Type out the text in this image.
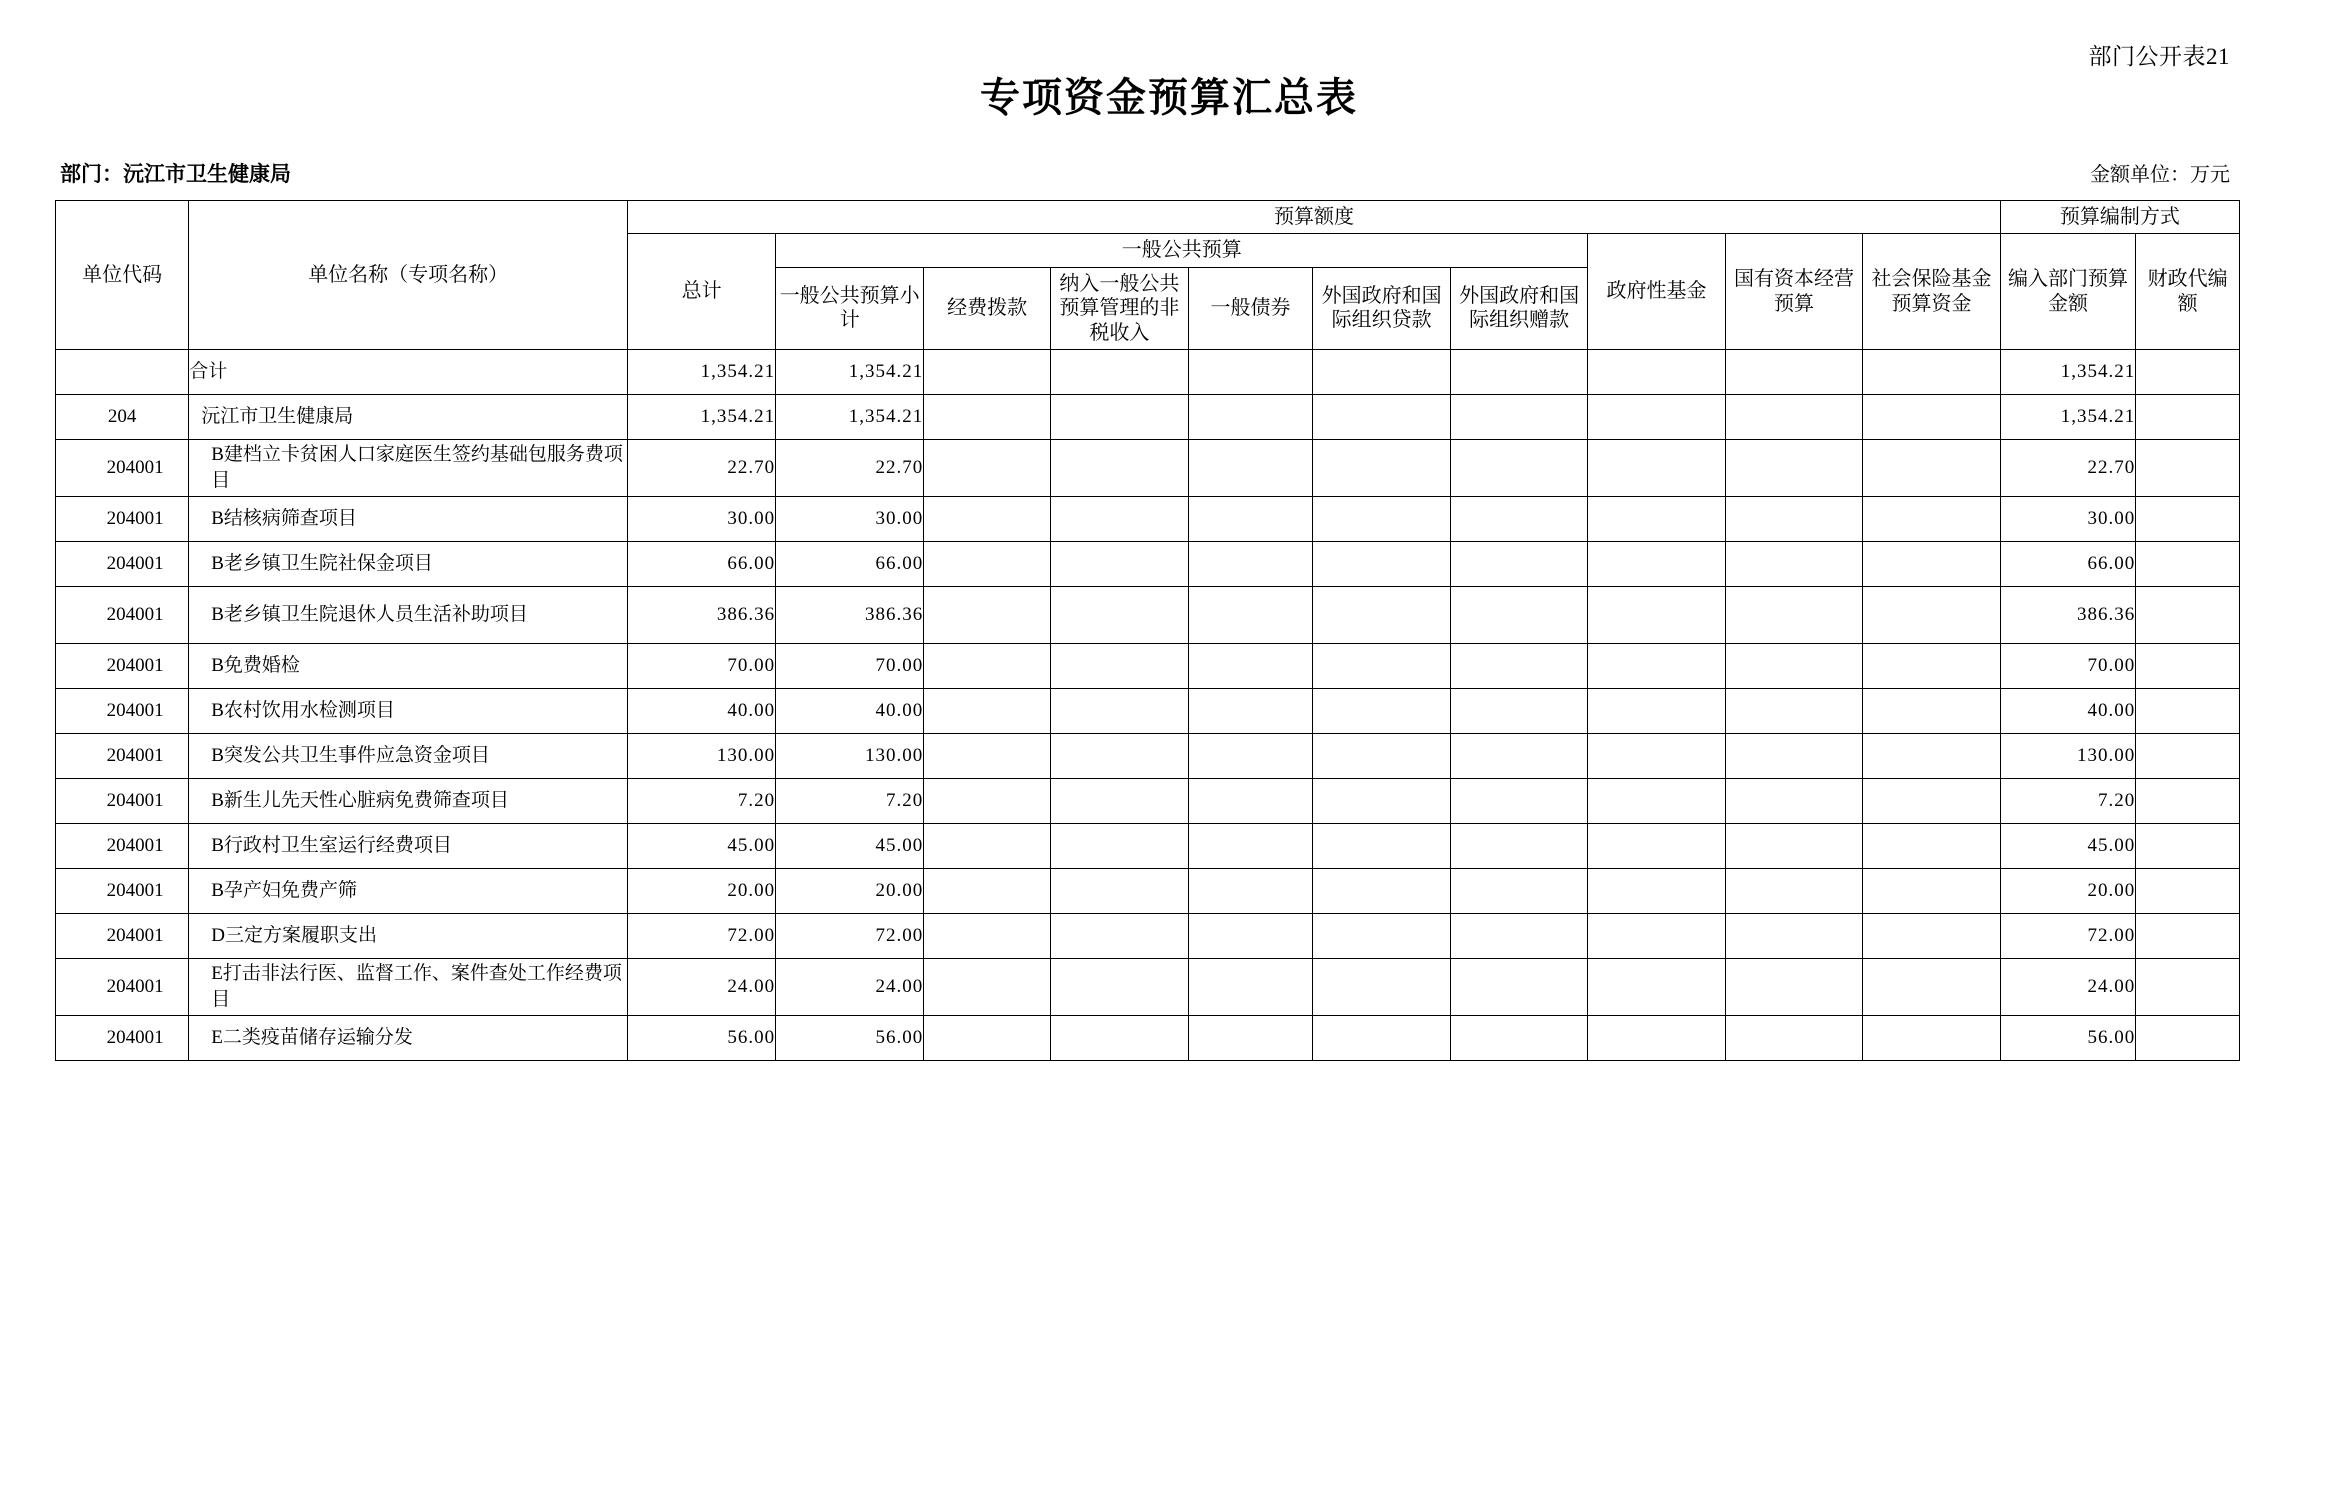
部门公开表21
专项资金预算汇总表
部门：沅江市卫生健康局	金额单位：万元
单位代码	单位名称（专项名称）	预算额度										预算编制方式	
		总计	一般公共预算						政府性基金	国有资本经营预算	社会保险基金预算资金	编入部门预算金额	财政代编额
			一般公共预算小计	经费拨款	纳入一般公共预算管理的非税收入	一般债券	外国政府和国际组织贷款	外国政府和国际组织赠款					
	合计	1,354.21	1,354.21									1,354.21	
204	沅江市卫生健康局	1,354.21	1,354.21									1,354.21	
204001	B建档立卡贫困人口家庭医生签约基础包服务费项目	22.70	22.70									22.70	
204001	B结核病筛查项目	30.00	30.00									30.00	
204001	B老乡镇卫生院社保金项目	66.00	66.00									66.00	
204001	B老乡镇卫生院退休人员生活补助项目	386.36	386.36									386.36	
204001	B免费婚检	70.00	70.00									70.00	
204001	B农村饮用水检测项目	40.00	40.00									40.00	
204001	B突发公共卫生事件应急资金项目	130.00	130.00									130.00	
204001	B新生儿先天性心脏病免费筛查项目	7.20	7.20									7.20	
204001	B行政村卫生室运行经费项目	45.00	45.00									45.00	
204001	B孕产妇免费产筛	20.00	20.00									20.00	
204001	D三定方案履职支出	72.00	72.00									72.00	
204001	E打击非法行医、监督工作、案件查处工作经费项目	24.00	24.00									24.00	
204001	E二类疫苗储存运输分发	56.00	56.00									56.00	
